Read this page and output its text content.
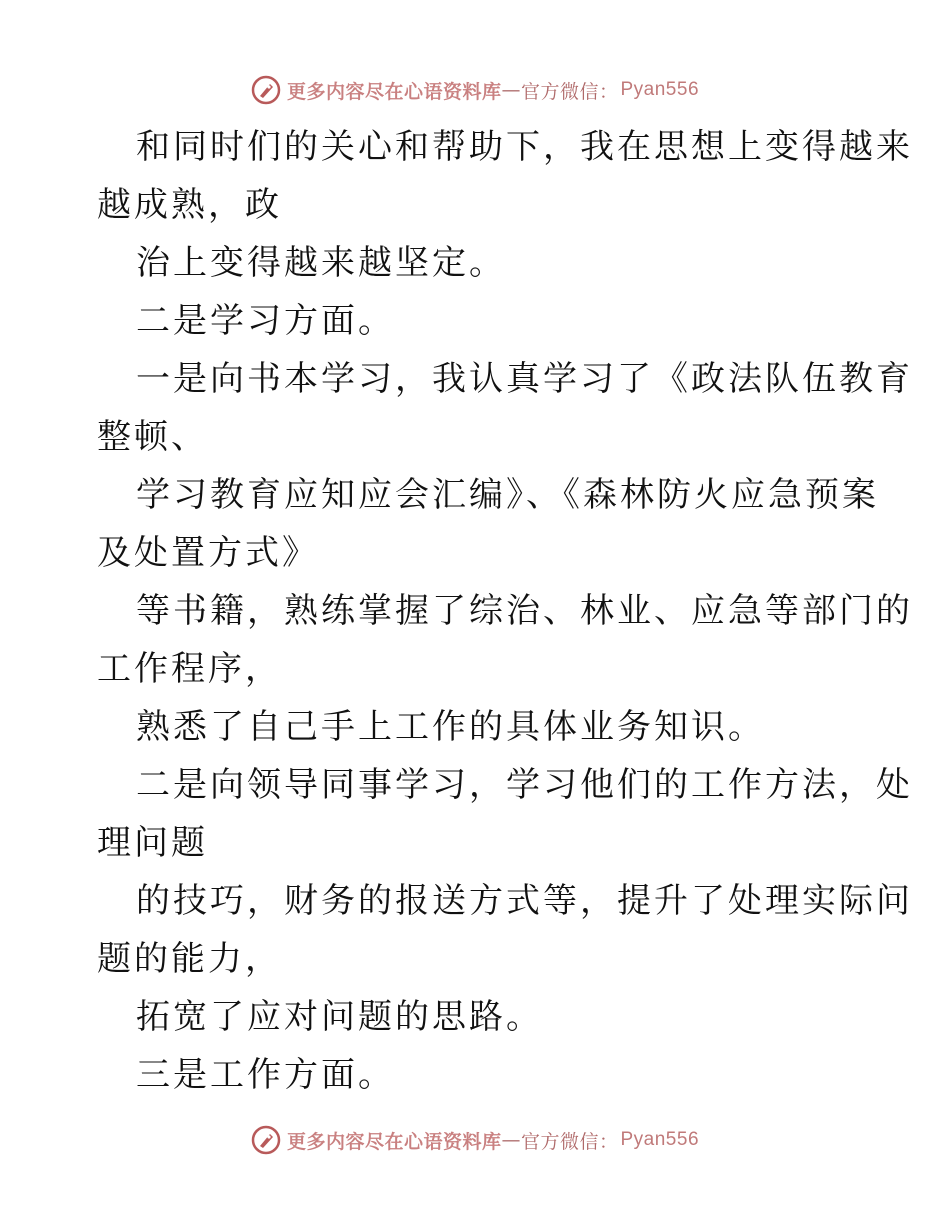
更多内容尽在心语资料库 — 官方微信： Pyan556
和同时们的关心和帮助下，我在思想上变得越来
越成熟，政
治上变得越来越坚定。
二是学习方面。
一是向书本学习，我认真学习了《政法队伍教育
整顿、
学习教育应知应会汇编》、《森林防火应急预案
及处置方式》
等书籍，熟练掌握了综治、林业、应急等部门的
工作程序，
熟悉了自己手上工作的具体业务知识。
二是向领导同事学习，学习他们的工作方法，处
理问题
的技巧，财务的报送方式等，提升了处理实际问
题的能力，
拓宽了应对问题的思路。
三是工作方面。
更多内容尽在心语资料库 — 官方微信： Pyan556
